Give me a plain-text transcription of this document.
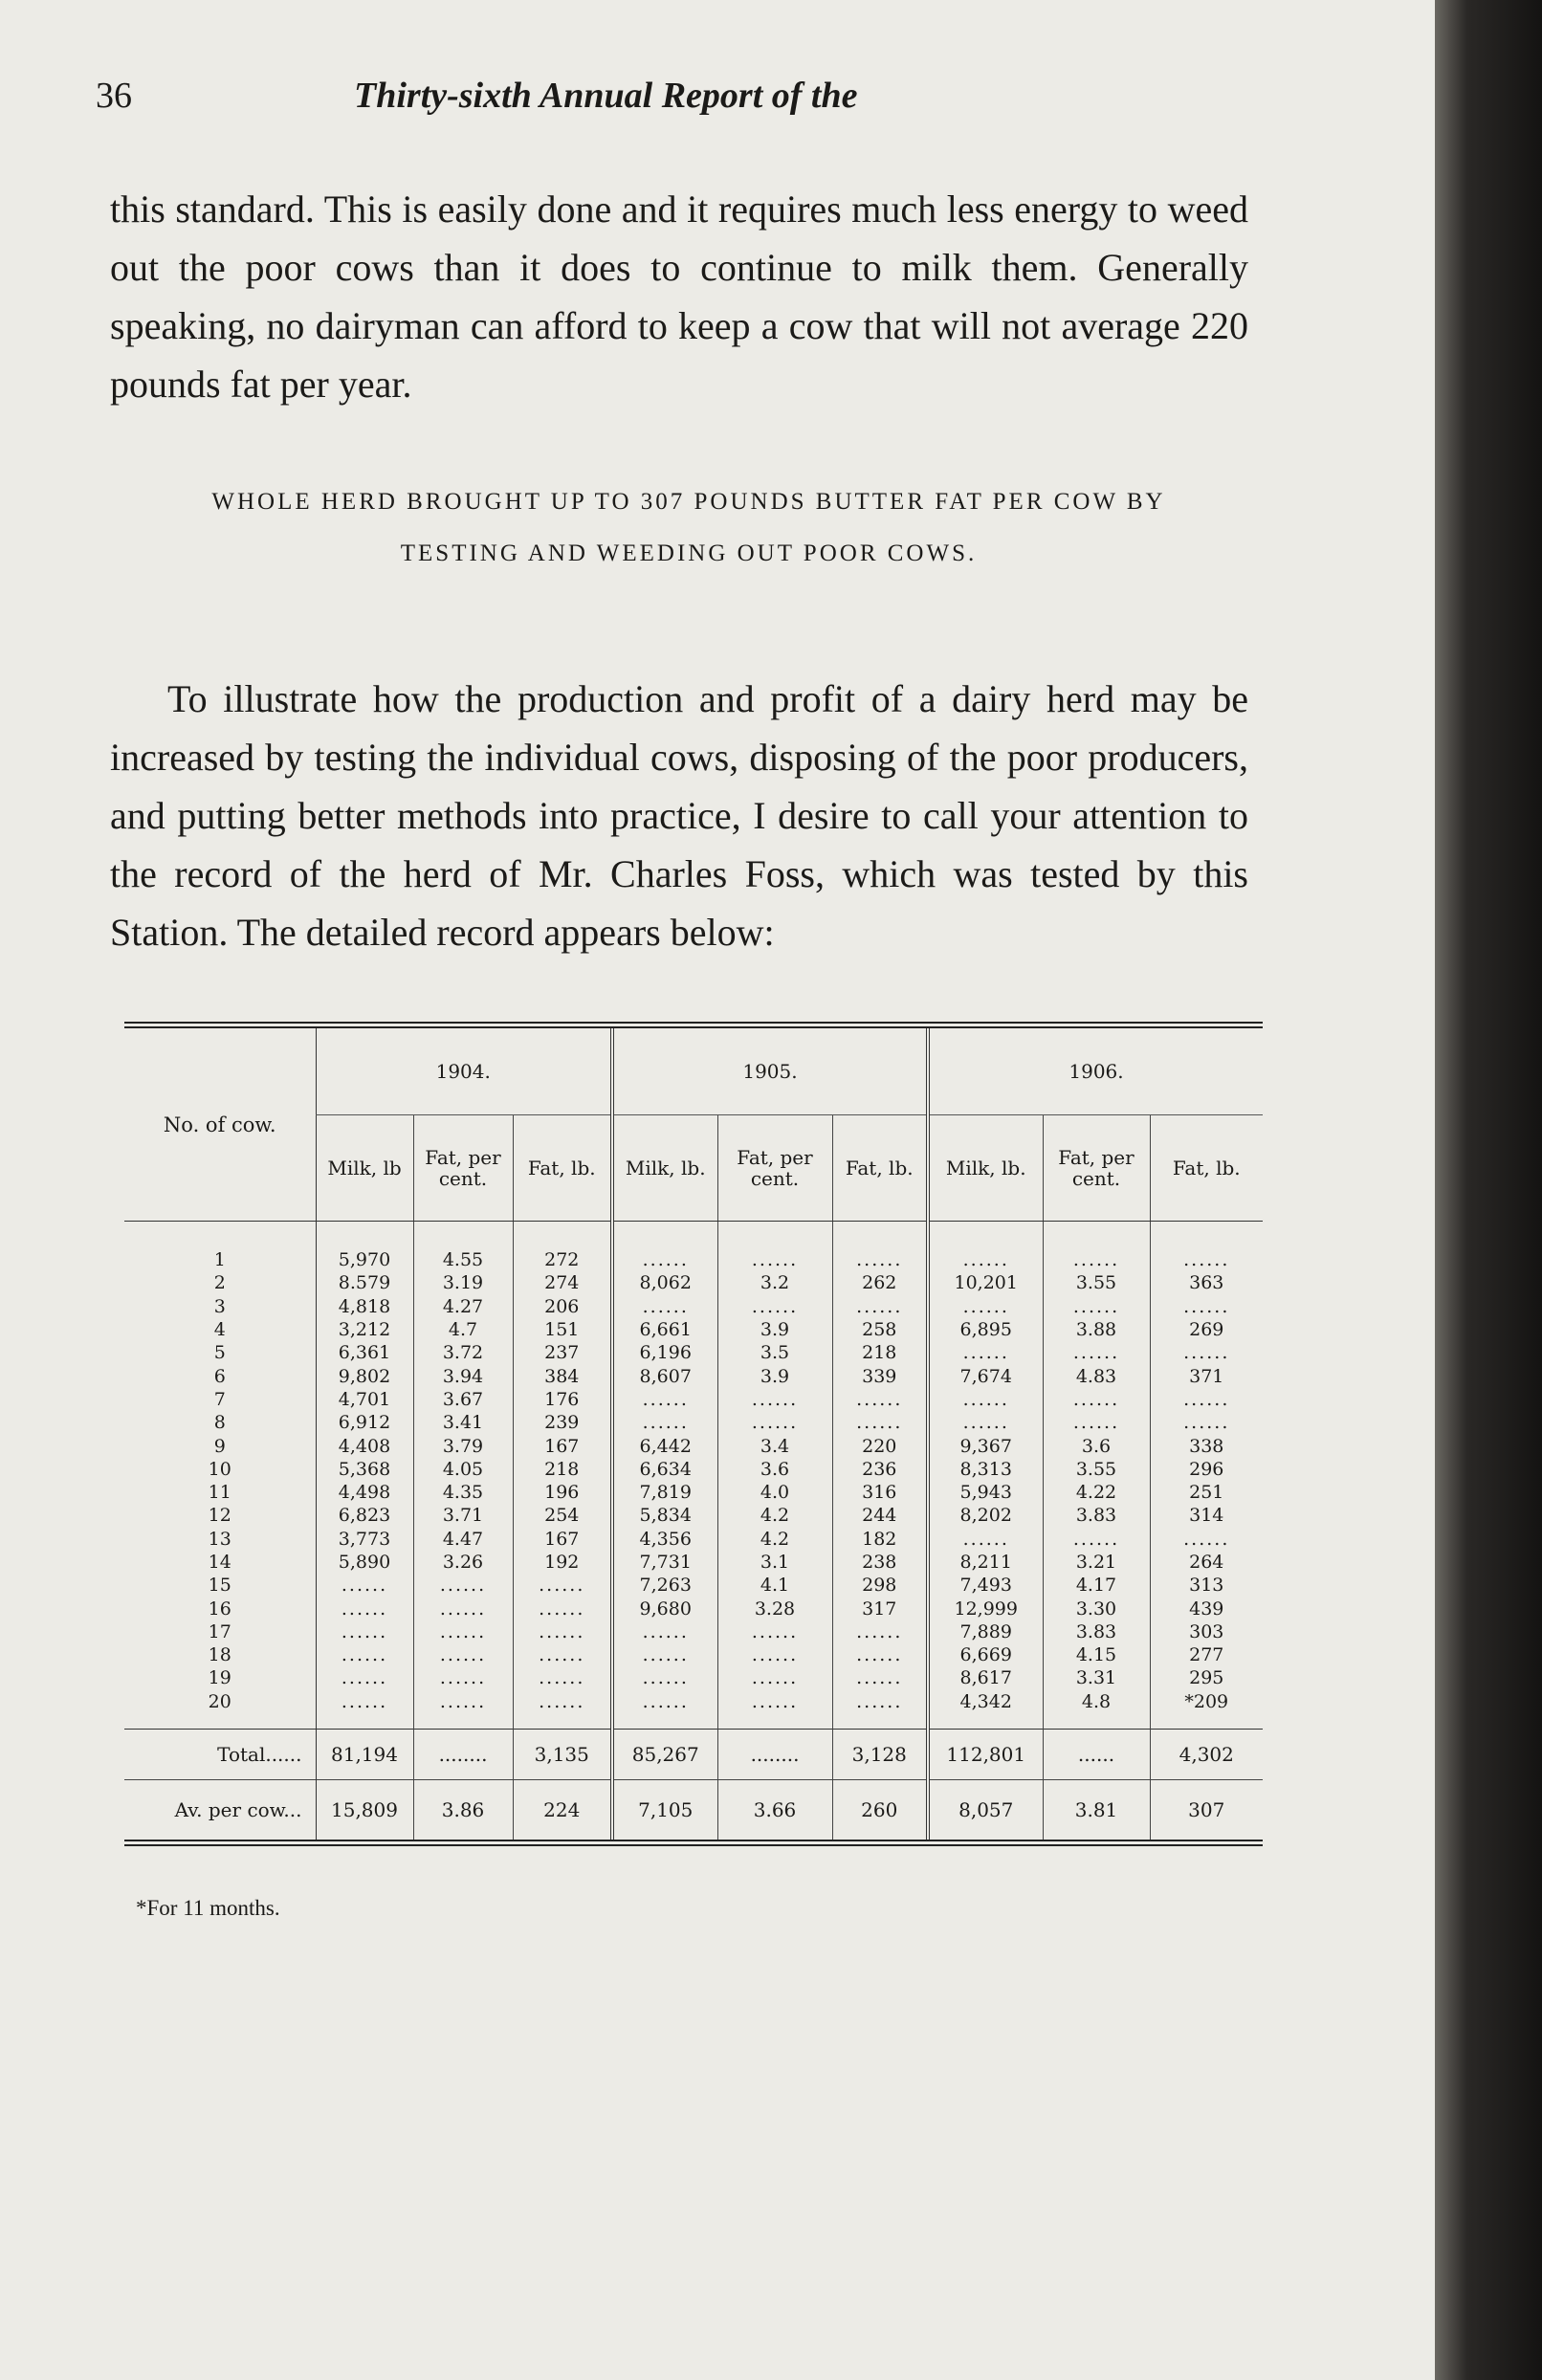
36	Thirty-sixth Annual Report of the

this standard. This is easily done and it requires much less energy to weed out the poor cows than it does to continue to milk them. Generally speaking, no dairyman can afford to keep a cow that will not average 220 pounds fat per year.

WHOLE HERD BROUGHT UP TO 307 POUNDS BUTTER FAT PER COW BY TESTING AND WEEDING OUT POOR COWS.

To illustrate how the production and profit of a dairy herd may be increased by testing the individual cows, disposing of the poor producers, and putting better methods into practice, I desire to call your attention to the record of the herd of Mr. Charles Foss, which was tested by this Station. The detailed record appears below:

No. of cow.	1904.			1905.			1906.		
	Milk, lb	Fat, per cent.	Fat, lb.	Milk, lb.	Fat, per cent.	Fat, lb.	Milk, lb.	Fat, per cent.	Fat, lb.
1	5,970	4.55	272	......	......	......	......	......	......
2	8.579	3.19	274	8,062	3.2	262	10,201	3.55	363
3	4,818	4.27	206	......	......	......	......	......	......
4	3,212	4.7	151	6,661	3.9	258	6,895	3.88	269
5	6,361	3.72	237	6,196	3.5	218	......	......	......
6	9,802	3.94	384	8,607	3.9	339	7,674	4.83	371
7	4,701	3.67	176	......	......	......	......	......	......
8	6,912	3.41	239	......	......	......	......	......	......
9	4,408	3.79	167	6,442	3.4	220	9,367	3.6	338
10	5,368	4.05	218	6,634	3.6	236	8,313	3.55	296
11	4,498	4.35	196	7,819	4.0	316	5,943	4.22	251
12	6,823	3.71	254	5,834	4.2	244	8,202	3.83	314
13	3,773	4.47	167	4,356	4.2	182	......	......	......
14	5,890	3.26	192	7,731	3.1	238	8,211	3.21	264
15	......	......	......	7,263	4.1	298	7,493	4.17	313
16	......	......	......	9,680	3.28	317	12,999	3.30	439
17	......	......	......	......	......	......	7,889	3.83	303
18	......	......	......	......	......	......	6,669	4.15	277
19	......	......	......	......	......	......	8,617	3.31	295
20	......	......	......	......	......	......	4,342	4.8	*209
Total......	81,194	........	3,135	85,267	........	3,128	112,801	......	4,302
Av. per cow...	15,809	3.86	224	7,105	3.66	260	8,057	3.81	307
*For 11 months.
